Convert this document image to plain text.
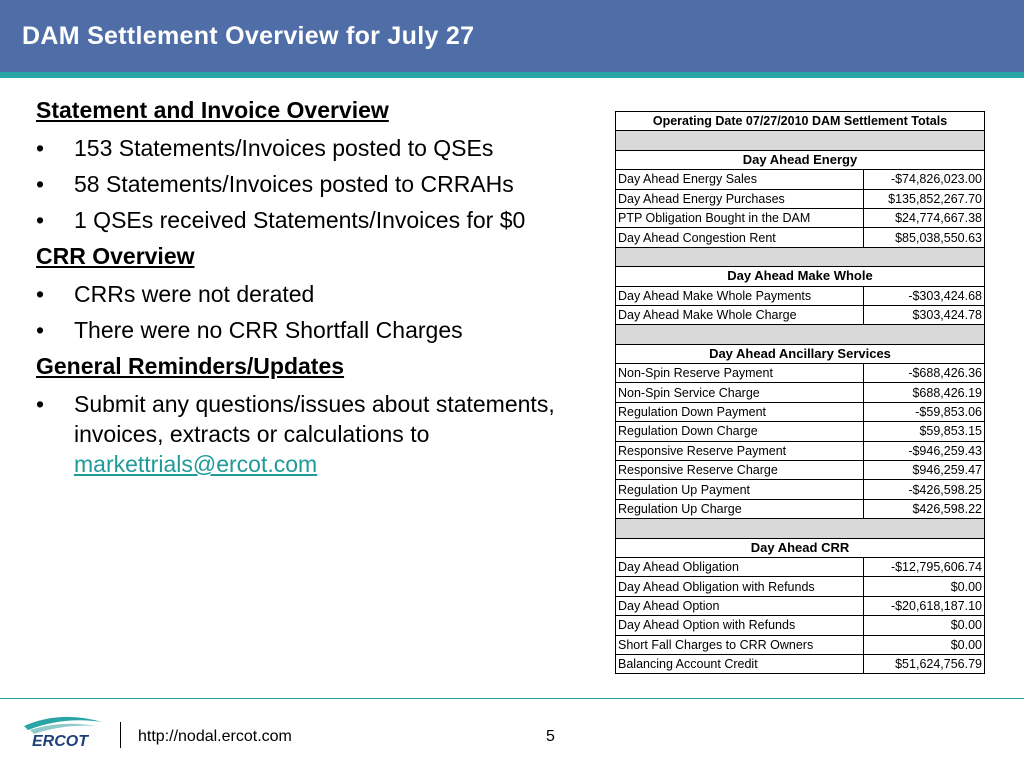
DAM Settlement Overview for July 27

Statement and Invoice Overview

•	153 Statements/Invoices posted to QSEs

•	58 Statements/Invoices posted to CRRAHs

•	1 QSEs received Statements/Invoices for $0

CRR Overview

•	CRRs were not derated

•	There were no CRR Shortfall Charges

General Reminders/Updates

•	Submit any questions/issues about statements, invoices, extracts or calculations to markettrials@ercot.com

Operating Date 07/27/2010 DAM Settlement Totals	

Day Ahead Energy	
Day Ahead Energy Sales	-$74,826,023.00
Day Ahead Energy Purchases	$135,852,267.70
PTP Obligation Bought in the DAM	$24,774,667.38
Day Ahead Congestion Rent	$85,038,550.63

Day Ahead Make Whole	
Day Ahead Make Whole Payments	-$303,424.68
Day Ahead Make Whole Charge	$303,424.78

Day Ahead Ancillary Services	
Non-Spin Reserve Payment	-$688,426.36
Non-Spin Service Charge	$688,426.19
Regulation Down Payment	-$59,853.06
Regulation Down Charge	$59,853.15
Responsive Reserve Payment	-$946,259.43
Responsive Reserve Charge	$946,259.47
Regulation Up Payment	-$426,598.25
Regulation Up Charge	$426,598.22

Day Ahead CRR	
Day Ahead Obligation	-$12,795,606.74
Day Ahead Obligation with Refunds	$0.00
Day Ahead Option	-$20,618,187.10
Day Ahead Option with Refunds	$0.00
Short Fall Charges to CRR Owners	$0.00
Balancing Account Credit	$51,624,756.79
ERCOT	http://nodal.ercot.com	5
